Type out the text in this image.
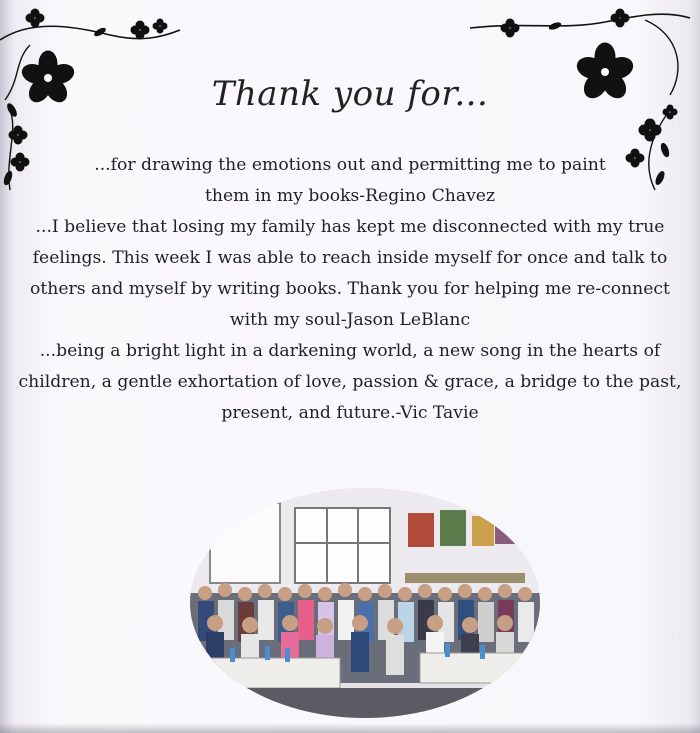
Thank you for...
...for drawing the emotions out and permitting me to paint
them in my books-Regino Chavez
...I believe that losing my family has kept me disconnected with my true
feelings. This week I was able to reach inside myself for once and talk to
others and myself by writing books. Thank you for helping me re-connect
with my soul-Jason LeBlanc
...being a bright light in a darkening world, a new song in the hearts of
children, a gentle exhortation of love, passion & grace, a bridge to the past,
present, and future.-Vic Tavie
